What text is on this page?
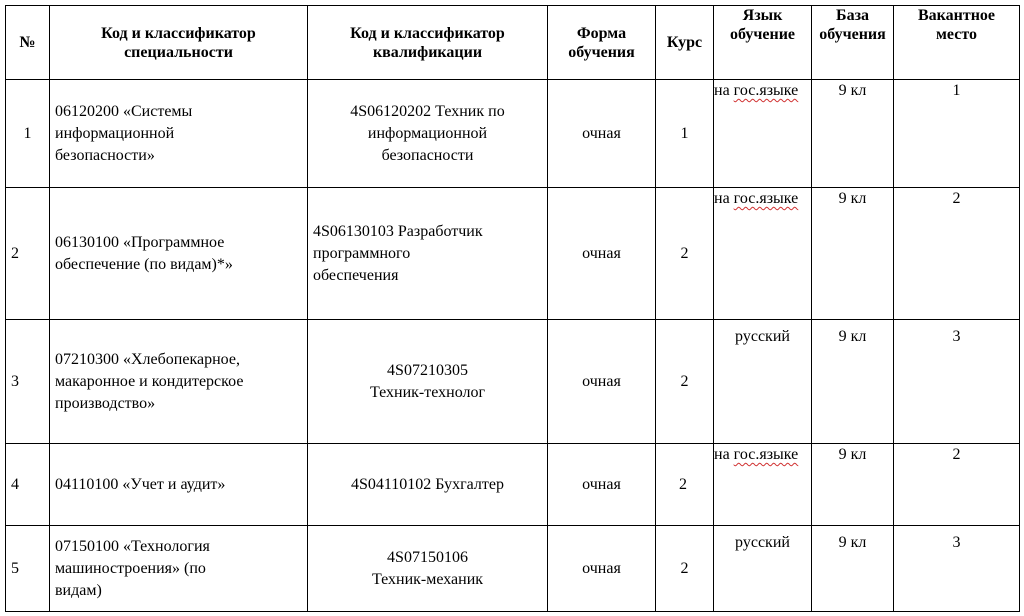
№	Код и классификатор
специальности	Код и классификатор
квалификации	Форма
обучения	Курс	Язык
обучение	База
обучения	Вакантное
место

1	06120200 «Системы
информационной
безопасности»	4S06120202 Техник по
информационной
безопасности	очная	1	на гос.языке	9 кл	1
2	06130100 «Программное
обеспечение (по видам)*»	4S06130103 Разработчик
программного
обеспечения	очная	2	на гос.языке	9 кл	2
3	07210300 «Хлебопекарное,
макаронное и кондитерское
производство»	4S07210305
Техник-технолог	очная	2	русский	9 кл	3
4	04110100 «Учет и аудит»	4S04110102 Бухгалтер	очная	2	на гос.языке	9 кл	2
5	07150100 «Технология
машиностроения» (по
видам)	4S07150106
Техник-механик	очная	2	русский	9 кл	3
